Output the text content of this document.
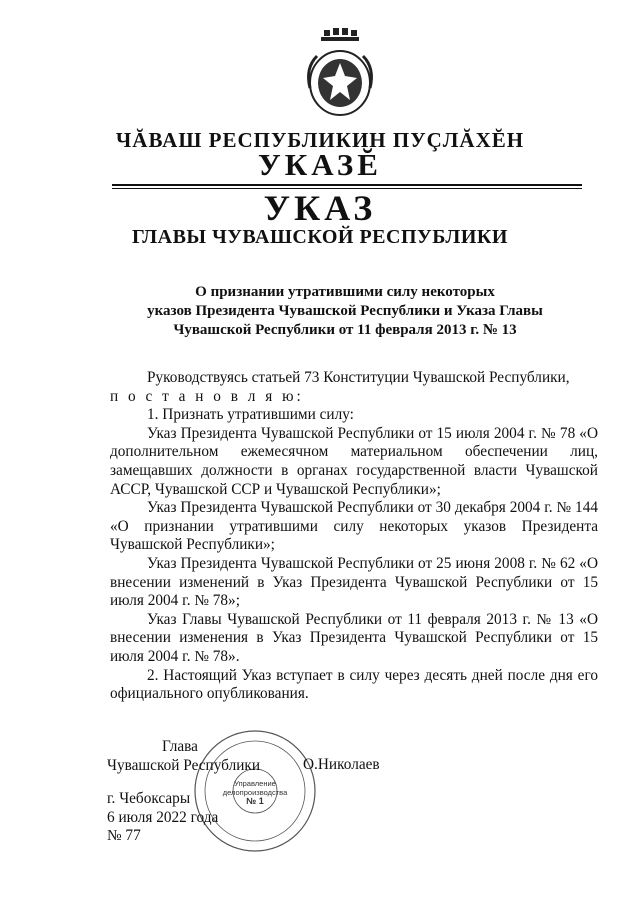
ЧĂВАШ РЕСПУБЛИКИН ПУÇЛĂХĔН
УКАЗĔ
УКАЗ
ГЛАВЫ ЧУВАШСКОЙ РЕСПУБЛИКИ
О признании утратившими силу некоторых
указов Президента Чувашской Республики и Указа Главы
Чувашской Республики от 11 февраля 2013 г. № 13

Руководствуясь статьей 73 Конституции Чувашской Республики,

п о с т а н о в л я ю:

1. Признать утратившими силу:

Указ Президента Чувашской Республики от 15 июля 2004 г. № 78 «О дополнительном ежемесячном материальном обеспечении лиц, замещавших должности в органах государственной власти Чувашской АССР, Чувашской ССР и Чувашской Республики»;

Указ Президента Чувашской Республики от 30 декабря 2004 г. № 144 «О признании утратившими силу некоторых указов Президента Чувашской Республики»;

Указ Президента Чувашской Республики от 25 июня 2008 г. № 62 «О внесении изменений в Указ Президента Чувашской Республики от 15 июля 2004 г. № 78»;

Указ Главы Чувашской Республики от 11 февраля 2013 г. № 13 «О внесении изменения в Указ Президента Чувашской Республики от 15 июля 2004 г. № 78».

2. Настоящий Указ вступает в силу через десять дней после дня его официального опубликования.

Управление
делопроизводства
№ 1
Глава
Чувашской Республики	О.Николаев
г. Чебоксары
6 июля 2022 года
№ 77
